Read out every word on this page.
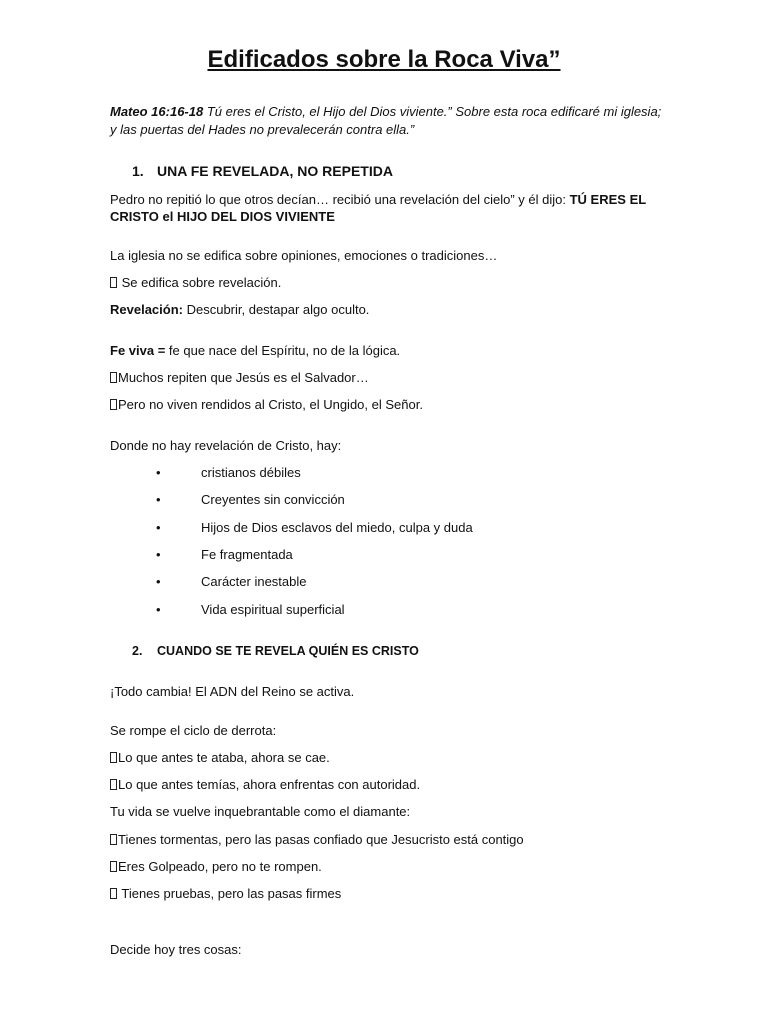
Edificados sobre la Roca Viva”
Mateo 16:16-18 Tú eres el Cristo, el Hijo del Dios viviente.” Sobre esta roca edificaré mi iglesia;
y las puertas del Hades no prevalecerán contra ella.”
1. UNA FE REVELADA, NO REPETIDA
Pedro no repitió lo que otros decían… recibió una revelación del cielo” y él dijo: TÚ ERES EL
CRISTO el HIJO DEL DIOS VIVIENTE
La iglesia no se edifica sobre opiniones, emociones o tradiciones…
Se edifica sobre revelación.
Revelación: Descubrir, destapar algo oculto.
Fe viva = fe que nace del Espíritu, no de la lógica.
Muchos repiten que Jesús es el Salvador…
Pero no viven rendidos al Cristo, el Ungido, el Señor.
Donde no hay revelación de Cristo, hay:
•	cristianos débiles
•	Creyentes sin convicción
•	Hijos de Dios esclavos del miedo, culpa y duda
•	Fe fragmentada
•	Carácter inestable
•	Vida espiritual superficial
2. CUANDO SE TE REVELA QUIÉN ES CRISTO
¡Todo cambia! El ADN del Reino se activa.
Se rompe el ciclo de derrota:
Lo que antes te ataba, ahora se cae.
Lo que antes temías, ahora enfrentas con autoridad.
Tu vida se vuelve inquebrantable como el diamante:
Tienes tormentas, pero las pasas confiado que Jesucristo está contigo
Eres Golpeado, pero no te rompen.
Tienes pruebas, pero las pasas firmes
Decide hoy tres cosas:
